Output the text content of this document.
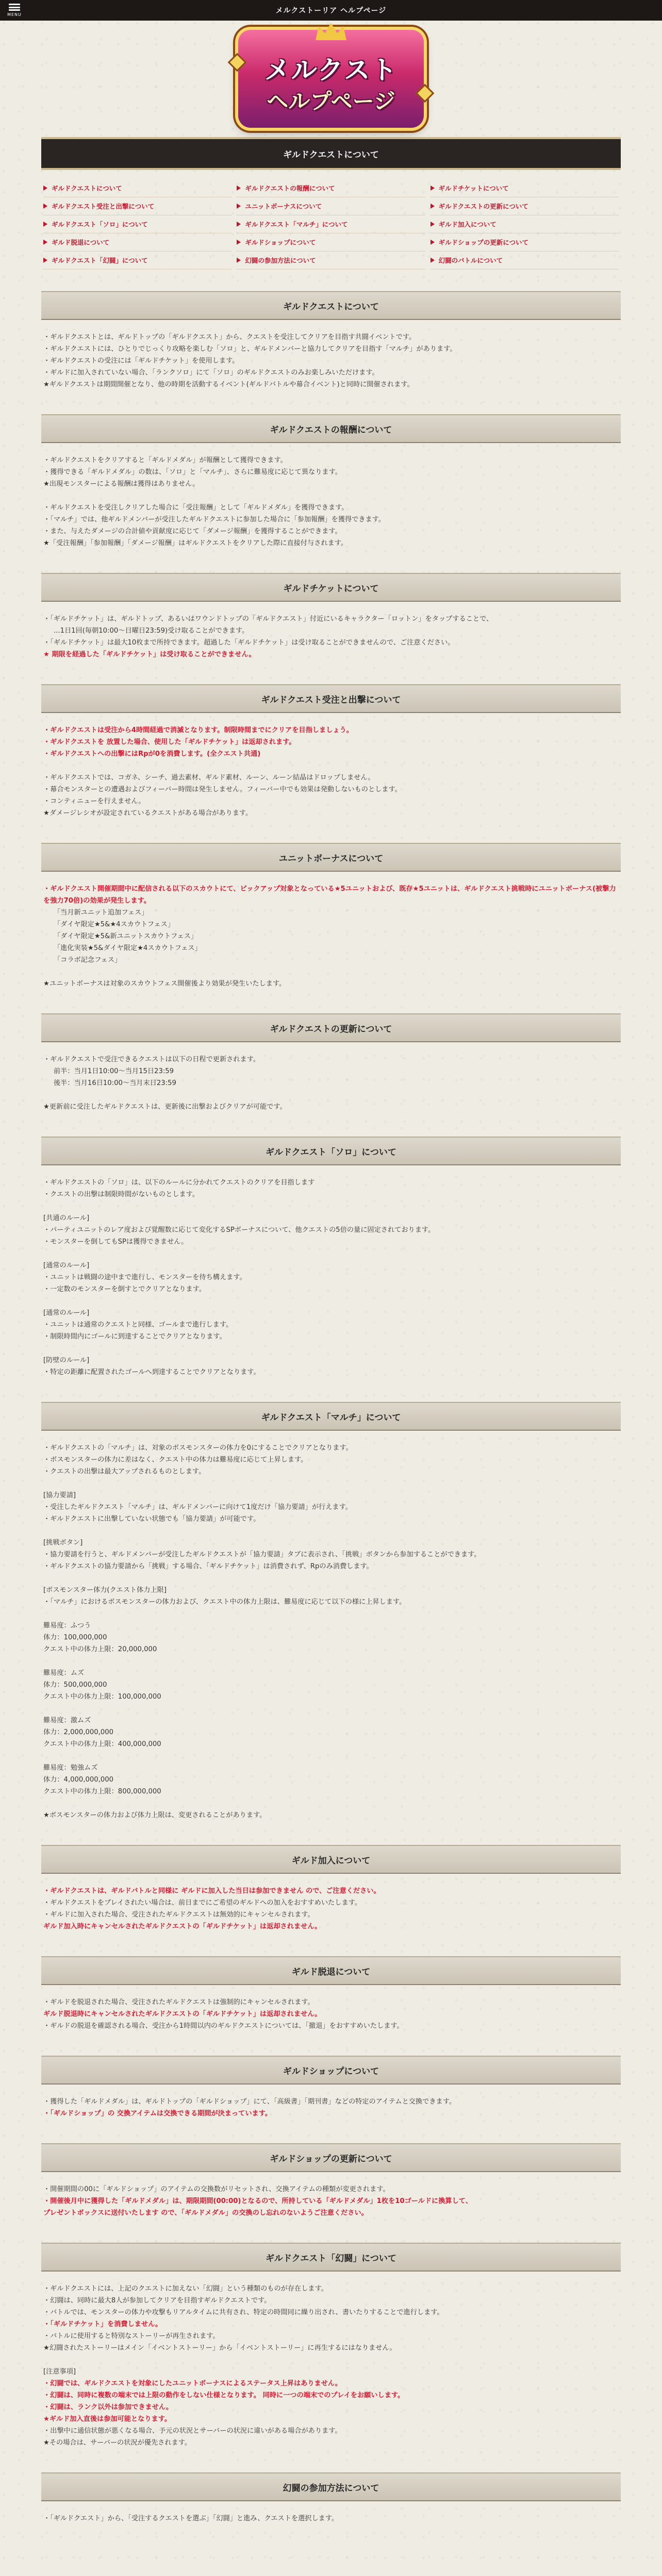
MENU	メルクストーリア ヘルプページ
メルクスト
ヘルプページ
ギルドクエストについて
ギルドクエストについて	ギルドクエストの報酬について	ギルドチケットについて
ギルドクエスト受注と出撃について	ユニットボーナスについて	ギルドクエストの更新について
ギルドクエスト「ソロ」について	ギルドクエスト「マルチ」について	ギルド加入について
ギルド脱退について	ギルドショップについて	ギルドショップの更新について
ギルドクエスト「幻闘」について	幻闘の参加方法について	幻闘のバトルについて
ギルドクエストについて

・ギルドクエストとは、ギルドトップの「ギルドクエスト」から、クエストを受注してクリアを目指す共闘イベントです。

・ギルドクエストには、ひとりでじっくり攻略を楽しむ「ソロ」と、ギルドメンバーと協力してクリアを目指す「マルチ」があります。

・ギルドクエストの受注には「ギルドチケット」を使用します。

・ギルドに加入されていない場合、「ランクソロ」にて「ソロ」のギルドクエストのみお楽しみいただけます。

★ギルドクエストは期間開催となり、他の時期を活動するイベント(ギルドバトルや幕合イベント)と同時に開催されます。

ギルドクエストの報酬について

・ギルドクエストをクリアすると「ギルドメダル」が報酬として獲得できます。

・獲得できる「ギルドメダル」の数は、「ソロ」と「マルチ」、さらに難易度に応じて異なります。

★出現モンスターによる報酬は獲得はありません。

・ギルドクエストを受注しクリアした場合に「受注報酬」として「ギルドメダル」を獲得できます。

・「マルチ」では、他ギルドメンバーが受注したギルドクエストに参加した場合に「参加報酬」を獲得できます。

・また、与えたダメージの合計値や貢献度に応じて「ダメージ報酬」を獲得することができます。

★「受注報酬」「参加報酬」「ダメージ報酬」はギルドクエストをクリアした際に直接付与されます。

ギルドチケットについて

・「ギルドチケット」は、ギルドトップ、あるいはワウンドトップの「ギルドクエスト」付近にいるキャラクター「ロットン」をタップすることで、

...1日1回(毎朝10:00〜日曜日23:59)受け取ることができます。

・「ギルドチケット」は最大10枚まで所持できます。超過した「ギルドチケット」は受け取ることができませんので、ご注意ください。

★ 期限を経過した「ギルドチケット」は受け取ることができません。

ギルドクエスト受注と出撃について

・ギルドクエストは受注から4時間経過で消滅となります。制限時間までにクリアを目指しましょう。

・ギルドクエストを 放置した場合、使用した「ギルドチケット」は返却されます。

・ギルドクエストへの出撃にはRpが0を消費します。(全クエスト共通)

・ギルドクエストでは、コガネ、シーチ、過去素材、ギルド素材、ルーン、ルーン結晶はドロップしません。

・幕合モンスターとの遭遇およびフィーバー時間は発生しません。フィーバー中でも効果は発動しないものとします。

・コンティニューを行えません。

★ダメージレシオが設定されているクエストがある場合があります。

ユニットボーナスについて

・ギルドクエスト開催期間中に配信される以下のスカウトにて、ピックアップ対象となっている★5ユニットおよび、既存★5ユニットは、ギルドクエスト挑戦時にユニットボーナス(被撃力を強力70倍)の効果が発生します。

「当月新ユニット追加フェス」

「ダイヤ限定★5&★4スカウトフェス」

「ダイヤ限定★5&新ユニットスカウトフェス」

「進化実装★5&ダイヤ限定★4スカウトフェス」

「コラボ記念フェス」

★ユニットボーナスは対象のスカウトフェス開催後より効果が発生いたします。

ギルドクエストの更新について

・ギルドクエストで受注できるクエストは以下の日程で更新されます。

前半：当月1日10:00〜当月15日23:59

後半：当月16日10:00〜当月末日23:59

★更新前に受注したギルドクエストは、更新後に出撃およびクリアが可能です。

ギルドクエスト「ソロ」について

・ギルドクエストの「ソロ」は、以下のルールに分かれてクエストのクリアを目指します

・クエストの出撃は制限時間がないものとします。

[共通のルール]

・パーティユニットのレア度および覚醒数に応じて変化するSPボーナスについて、他クエストの5倍の量に固定されております。

・モンスターを倒してもSPは獲得できません。

[通常のルール]

・ユニットは戦闘の途中まで進行し、モンスターを待ち構えます。

・一定数のモンスターを倒すとでクリアとなります。

[通常のルール]

・ユニットは通常のクエストと同様、ゴールまで進行します。

・制限時間内にゴールに到達することでクリアとなります。

[防壁のルール]

・特定の距離に配置されたゴールへ到達することでクリアとなります。

ギルドクエスト「マルチ」について

・ギルドクエストの「マルチ」は、対象のボスモンスターの体力を0にすることでクリアとなります。

・ボスモンスターの体力に差はなく、クエスト中の体力は難易度に応じて上昇します。

・クエストの出撃は最大アップされるものとします。

[協力要請]

・受注したギルドクエスト「マルチ」は、ギルドメンバーに向けて1度だけ「協力要請」が行えます。

・ギルドクエストに出撃していない状態でも「協力要請」が可能です。

[挑戦ボタン]

・協力要請を行うと、ギルドメンバーが受注したギルドクエストが「協力要請」タブに表示され、「挑戦」ボタンから参加することができます。

・ギルドクエストの協力要請から「挑戦」する場合、「ギルドチケット」は消費されず、Rpのみ消費します。

[ボスモンスター体力(クエスト体力上限]

・「マルチ」におけるボスモンスターの体力および、クエスト中の体力上限は、難易度に応じて以下の様に上昇します。

難易度：ふつう

体力：100,000,000

クエスト中の体力上限：20,000,000

難易度：ムズ

体力：500,000,000

クエスト中の体力上限：100,000,000

難易度：激ムズ

体力：2,000,000,000

クエスト中の体力上限：400,000,000

難易度：勉強ムズ

体力：4,000,000,000

クエスト中の体力上限：800,000,000

★ボスモンスターの体力および体力上限は、変更されることがあります。

ギルド加入について

・ギルドクエストは、ギルドバトルと同様に ギルドに加入した当日は参加できません ので、ご注意ください。

・ギルドクエストをプレイされたい場合は、前日までにご希望のギルドへの加入をおすすめいたします。

・ギルドに加入された場合、受注されたギルドクエストは無効的にキャンセルされます。

ギルド加入時にキャンセルされたギルドクエストの「ギルドチケット」は返却されません。

ギルド脱退について

・ギルドを脱退された場合、受注されたギルドクエストは強制的にキャンセルされます。

ギルド脱退時にキャンセルされたギルドクエストの「ギルドチケット」は返却されません。

・ギルドの脱退を確認される場合、受注から1時間以内のギルドクエストについては、「撤退」をおすすめいたします。

ギルドショップについて

・獲得した「ギルドメダル」は、ギルドトップの「ギルドショップ」にて、「高級書」「期刊書」などの特定のアイテムと交換できます。

・「ギルドショップ」の 交換アイテムは交換できる期間が決まっています。

ギルドショップの更新について

・開催期間の00に「ギルドショップ」のアイテムの交換数がリセットされ、交換アイテムの種類が変更されます。

・開催後月中に獲得した「ギルドメダル」は、期限期間(00:00)となるので、所持している「ギルドメダル」1枚を10ゴールドに換算して、

プレゼントボックスに送付いたします ので、「ギルドメダル」の交換のし忘れのないようご注意ください。

ギルドクエスト「幻闘」について

・ギルドクエストには、上記のクエストに加えない「幻闘」という種類のものが存在します。

・幻闘は、同時に最大8人が参加してクリアを目指すギルドクエストです。

・バトルでは、モンスターの体力や攻撃もリアルタイムに共有され、特定の時間同に繰り出され、書いたりすることで進行します。

・「ギルドチケット」を消費しません。

・バトルに使用すると特別なストーリーが再生されます。

★幻闘されたストーリーはメイン「イベントストーリー」から「イベントストーリー」に再生するにはなりません。

[注意事項]

・幻闘では、ギルドクエストを対象にしたユニットボーナスによるステータス上昇はありません。

・幻闘は、同時に複数の端末では上限の動作をしない仕様となります。 同時に一つの端末でのプレイをお願いします。

・幻闘は、ランク以外は参加できません。

★ギルド加入直後は参加可能となります。

・出撃中に通信状態が悪くなる場合、予元の状況とサーバーの状況に違いがある場合があります。

★その場合は、サーバーの状況が優先されます。

幻闘の参加方法について

・「ギルドクエスト」から、「受注するクエストを選ぶ」「幻闘」と進み、クエストを選択します。
